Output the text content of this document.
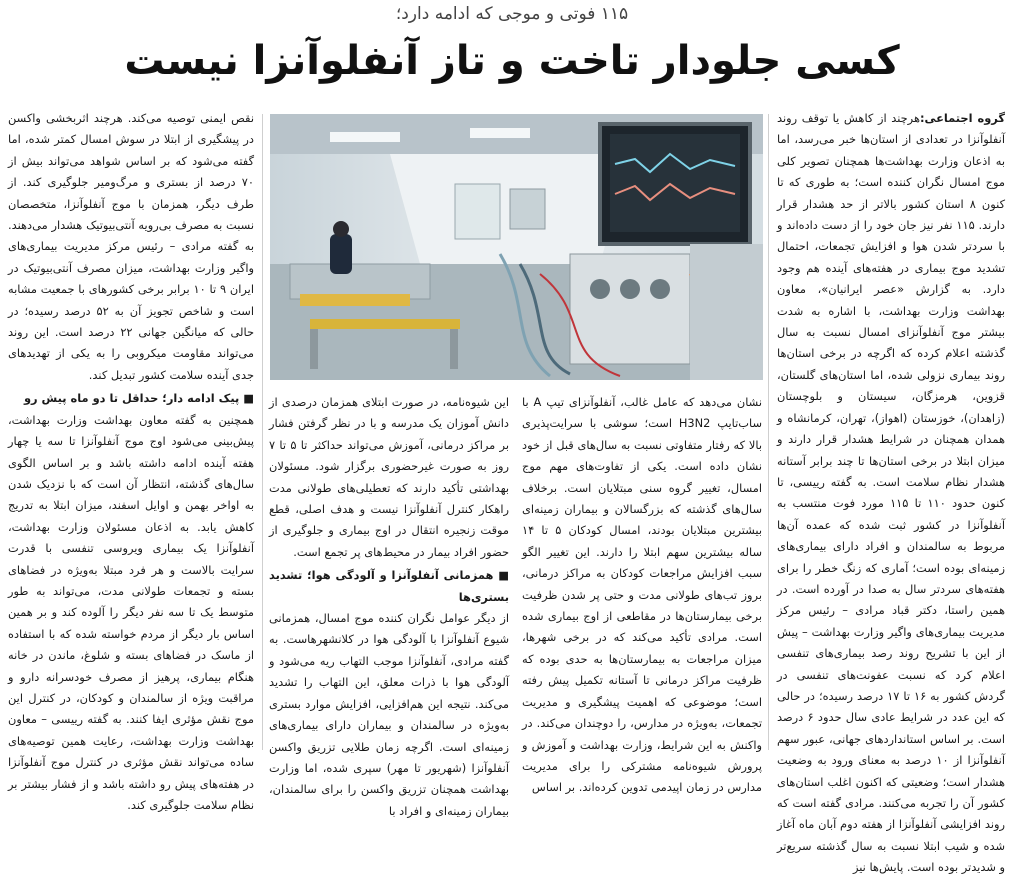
۱۱۵ فوتی و موجی که ادامه دارد؛
کسی جلودار تاخت و تاز آنفلوآنزا نیست

گروه اجتماعی:هرچند از کاهش یا توقف روند آنفلوآنزا در تعدادی از استان‌ها خبر می‌رسد، اما به اذعان وزارت بهداشت‌ها همچنان تصویر کلی موج امسال نگران کننده است؛ به طوری که تا کنون ۸ استان کشور بالاتر از حد هشدار قرار دارند. ۱۱۵ نفر نیز جان خود را از دست داده‌اند و با سردتر شدن هوا و افزایش تجمعات، احتمال تشدید موج بیماری در هفته‌های آینده هم وجود دارد. به گزارش «عصر ایرانیان»، معاون بهداشت وزارت بهداشت، با اشاره به شدت بیشتر موج آنفلوآنزای امسال نسبت به سال گذشته اعلام کرده که اگرچه در برخی استان‌ها روند بیماری نزولی شده، اما استان‌های گلستان، قزوین، هرمزگان، سیستان و بلوچستان (زاهدان)، خوزستان (اهواز)، تهران، کرمانشاه و همدان همچنان در شرایط هشدار قرار دارند و میزان ابتلا در برخی استان‌ها تا چند برابر آستانه هشدار نظام سلامت است. به گفته رییسی، تا کنون حدود ۱۱۰ تا ۱۱۵ مورد فوت منتسب به آنفلوآنزا در کشور ثبت شده که عمده آن‌ها مربوط به سالمندان و افراد دارای بیماری‌های زمینه‌ای بوده است؛ آماری که زنگ خطر را برای هفته‌های سردتر سال به صدا در آورده است. در همین راستا، دکتر قباد مرادی – رئیس مرکز مدیریت بیماری‌های واگیر وزارت بهداشت – پیش از این با تشریح روند رصد بیماری‌های تنفسی اعلام کرد که نسبت عفونت‌های تنفسی در گردش کشور به ۱۶ تا ۱۷ درصد رسیده؛ در حالی که این عدد در شرایط عادی سال حدود ۶ درصد است. بر اساس استانداردهای جهانی، عبور سهم آنفلوآنزا از ۱۰ درصد به معنای ورود به وضعیت هشدار است؛ وضعیتی که اکنون اغلب استان‌های کشور آن را تجربه می‌کنند. مرادی گفته است که روند افزایشی آنفلوآنزا از هفته دوم آبان ماه آغاز شده و شیب ابتلا نسبت به سال گذشته سریع‌تر و شدیدتر بوده است. پایش‌ها نیز

نشان می‌دهد که عامل غالب، آنفلوآنزای تیپ A با ساب‌تایپ H3N2 است؛ سوشی با سرایت‌پذیری بالا که رفتار متفاوتی نسبت به سال‌های قبل از خود نشان داده است. یکی از تفاوت‌های مهم موج امسال، تغییر گروه سنی مبتلایان است. برخلاف سال‌های گذشته که بزرگسالان و بیماران زمینه‌ای بیشترین مبتلایان بودند، امسال کودکان ۵ تا ۱۴ ساله بیشترین سهم ابتلا را دارند. این تغییر الگو سبب افزایش مراجعات کودکان به مراکز درمانی، بروز تب‌های طولانی مدت و حتی پر شدن ظرفیت برخی بیمارستان‌ها در مقاطعی از اوج بیماری شده است. مرادی تأکید می‌کند که در برخی شهرها، میزان مراجعات به بیمارستان‌ها به حدی بوده که ظرفیت مراکز درمانی تا آستانه تکمیل پیش رفته است؛ موضوعی که اهمیت پیشگیری و مدیریت تجمعات، به‌ویژه در مدارس، را دوچندان می‌کند. در واکنش به این شرایط، وزارت بهداشت و آموزش و پرورش شیوه‌نامه مشترکی را برای مدیریت مدارس در زمان اپیدمی تدوین کرده‌اند. بر اساس

این شیوه‌نامه، در صورت ابتلای همزمان درصدی از دانش آموزان یک مدرسه و با در نظر گرفتن فشار بر مراکز درمانی، آموزش می‌تواند حداکثر تا ۵ تا ۷ روز به صورت غیرحضوری برگزار شود. مسئولان بهداشتی تأکید دارند که تعطیلی‌های طولانی مدت راهکار کنترل آنفلوآنزا نیست و هدف اصلی، قطع موقت زنجیره انتقال در اوج بیماری و جلوگیری از حضور افراد بیمار در محیط‌های پر تجمع است.

■ همزمانی آنفلوآنزا و آلودگی هوا؛ تشدید بستری‌ها

از دیگر عوامل نگران کننده موج امسال، همزمانی شیوع آنفلوآنزا با آلودگی هوا در کلانشهرهاست. به گفته مرادی، آنفلوآنزا موجب التهاب ریه می‌شود و آلودگی هوا با ذرات معلق، این التهاب را تشدید می‌کند. نتیجه این هم‌افزایی، افزایش موارد بستری به‌ویژه در سالمندان و بیماران دارای بیماری‌های زمینه‌ای است. اگرچه زمان طلایی تزریق واکسن آنفلوآنزا (شهریور تا مهر) سپری شده، اما وزارت بهداشت همچنان تزریق واکسن را برای سالمندان، بیماران زمینه‌ای و افراد با

نقص ایمنی توصیه می‌کند. هرچند اثربخشی واکسن در پیشگیری از ابتلا در سوش امسال کمتر شده، اما گفته می‌شود که بر اساس شواهد می‌تواند بیش از ۷۰ درصد از بستری و مرگ‌ومیر جلوگیری کند. از طرف دیگر، همزمان با موج آنفلوآنزا، متخصصان نسبت به مصرف بی‌رویه آنتی‌بیوتیک هشدار می‌دهند. به گفته مرادی – رئیس مرکز مدیریت بیماری‌های واگیر وزارت بهداشت، میزان مصرف آنتی‌بیوتیک در ایران ۹ تا ۱۰ برابر برخی کشورهای با جمعیت مشابه است و شاخص تجویز آن به ۵۲ درصد رسیده؛ در حالی که میانگین جهانی ۲۲ درصد است. این روند می‌تواند مقاومت میکروبی را به یکی از تهدیدهای جدی آینده سلامت کشور تبدیل کند.

■ پیک ادامه دار؛ حداقل تا دو ماه پیش رو

همچنین به گفته معاون بهداشت وزارت بهداشت، پیش‌بینی می‌شود اوج موج آنفلوآنزا تا سه یا چهار هفته آینده ادامه داشته باشد و بر اساس الگوی سال‌های گذشته، انتظار آن است که با نزدیک شدن به اواخر بهمن و اوایل اسفند، میزان ابتلا به تدریج کاهش یابد. به اذعان مسئولان وزارت بهداشت، آنفلوآنزا یک بیماری ویروسی تنفسی با قدرت سرایت بالاست و هر فرد مبتلا به‌ویژه در فضاهای بسته و تجمعات طولانی مدت، می‌تواند به طور متوسط یک تا سه نفر دیگر را آلوده کند و بر همین اساس بار دیگر از مردم خواسته شده که با استفاده از ماسک در فضاهای بسته و شلوغ، ماندن در خانه هنگام بیماری، پرهیز از مصرف خودسرانه دارو و مراقبت ویژه از سالمندان و کودکان، در کنترل این موج نقش مؤثری ایفا کنند. به گفته رییسی – معاون بهداشت وزارت بهداشت، رعایت همین توصیه‌های ساده می‌تواند نقش مؤثری در کنترل موج آنفلوآنزا در هفته‌های پیش رو داشته باشد و از فشار بیشتر بر نظام سلامت جلوگیری کند.
